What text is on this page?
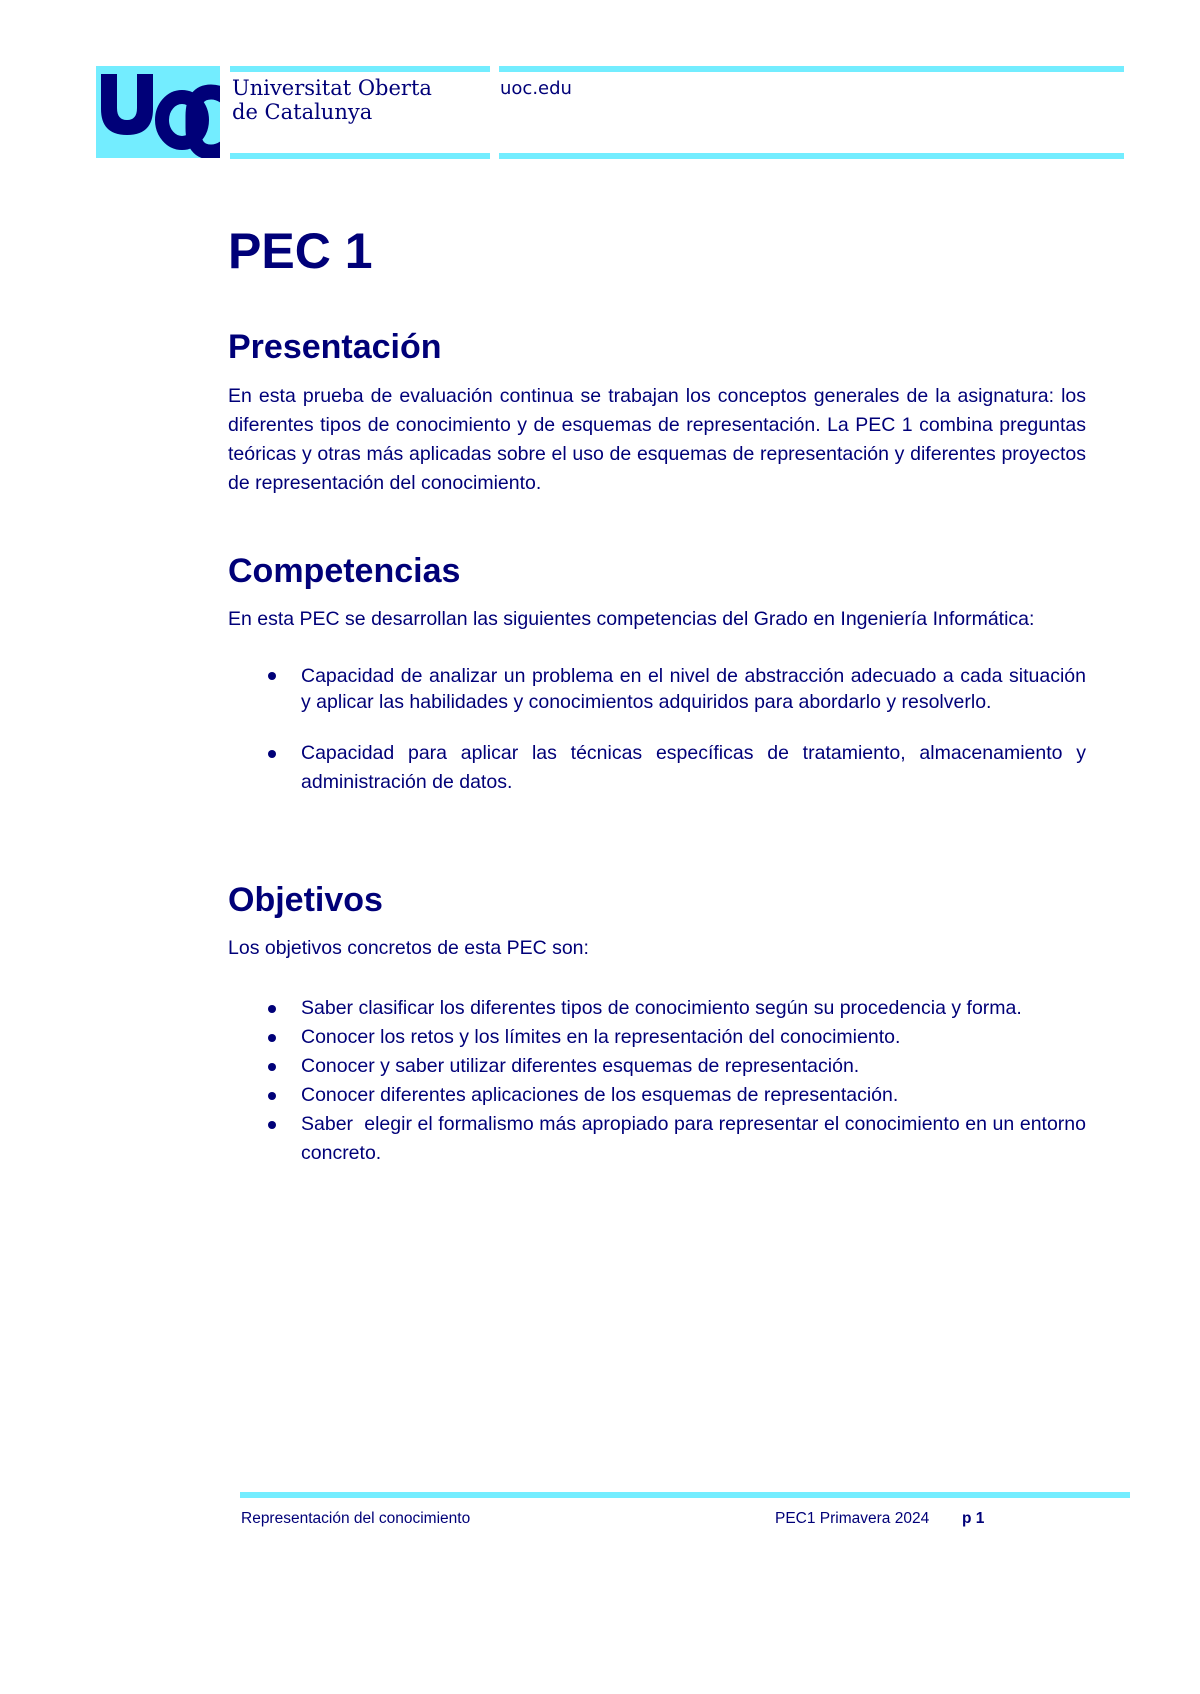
Universitat Oberta
de Catalunya
uoc.edu
PEC 1
Presentación

En esta prueba de evaluación continua se trabajan los conceptos generales de la asignatura: los diferentes tipos de conocimiento y de esquemas de representación. La PEC 1 combina preguntas teóricas y otras más aplicadas sobre el uso de esquemas de representación y diferentes proyectos de representación del conocimiento.

Competencias

En esta PEC se desarrollan las siguientes competencias del Grado en Ingeniería Informática:

Capacidad de analizar un problema en el nivel de abstracción adecuado a cada situación y aplicar las habilidades y conocimientos adquiridos para abordarlo y resolverlo.
Capacidad para aplicar las técnicas específicas de tratamiento, almacenamiento y administración de datos.
Objetivos

Los objetivos concretos de esta PEC son:

Saber clasificar los diferentes tipos de conocimiento según su procedencia y forma.
Conocer los retos y los límites en la representación del conocimiento.
Conocer y saber utilizar diferentes esquemas de representación.
Conocer diferentes aplicaciones de los esquemas de representación.
Saber  elegir el formalismo más apropiado para representar el conocimiento en un entorno concreto.
Representación del conocimiento	PEC1 Primavera 2024 p 1
